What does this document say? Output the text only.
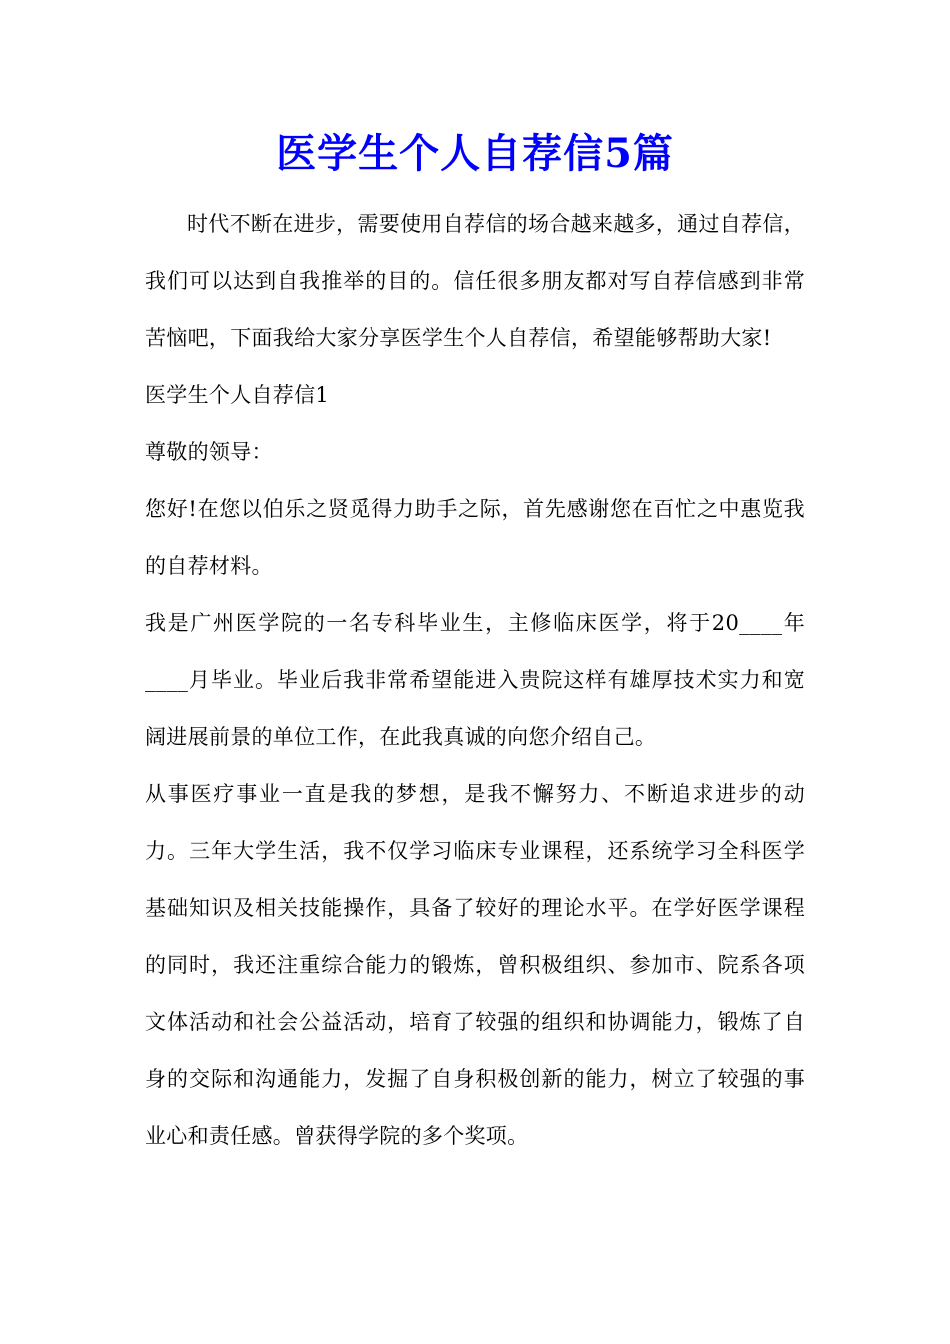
医学生个人自荐信5篇

时代不断在进步，需要使用自荐信的场合越来越多，通过自荐信，我们可以达到自我推举的目的。信任很多朋友都对写自荐信感到非常苦恼吧，下面我给大家分享医学生个人自荐信，希望能够帮助大家!

医学生个人自荐信1

尊敬的领导：

您好!在您以伯乐之贤觅得力助手之际，首先感谢您在百忙之中惠览我的自荐材料。

我是广州医学院的一名专科毕业生，主修临床医学，将于20____年____月毕业。毕业后我非常希望能进入贵院这样有雄厚技术实力和宽阔进展前景的单位工作，在此我真诚的向您介绍自己。

从事医疗事业一直是我的梦想，是我不懈努力、不断追求进步的动力。三年大学生活，我不仅学习临床专业课程，还系统学习全科医学基础知识及相关技能操作，具备了较好的理论水平。在学好医学课程的同时，我还注重综合能力的锻炼，曾积极组织、参加市、院系各项文体活动和社会公益活动，培育了较强的组织和协调能力，锻炼了自身的交际和沟通能力，发掘了自身积极创新的能力，树立了较强的事业心和责任感。曾获得学院的多个奖项。
